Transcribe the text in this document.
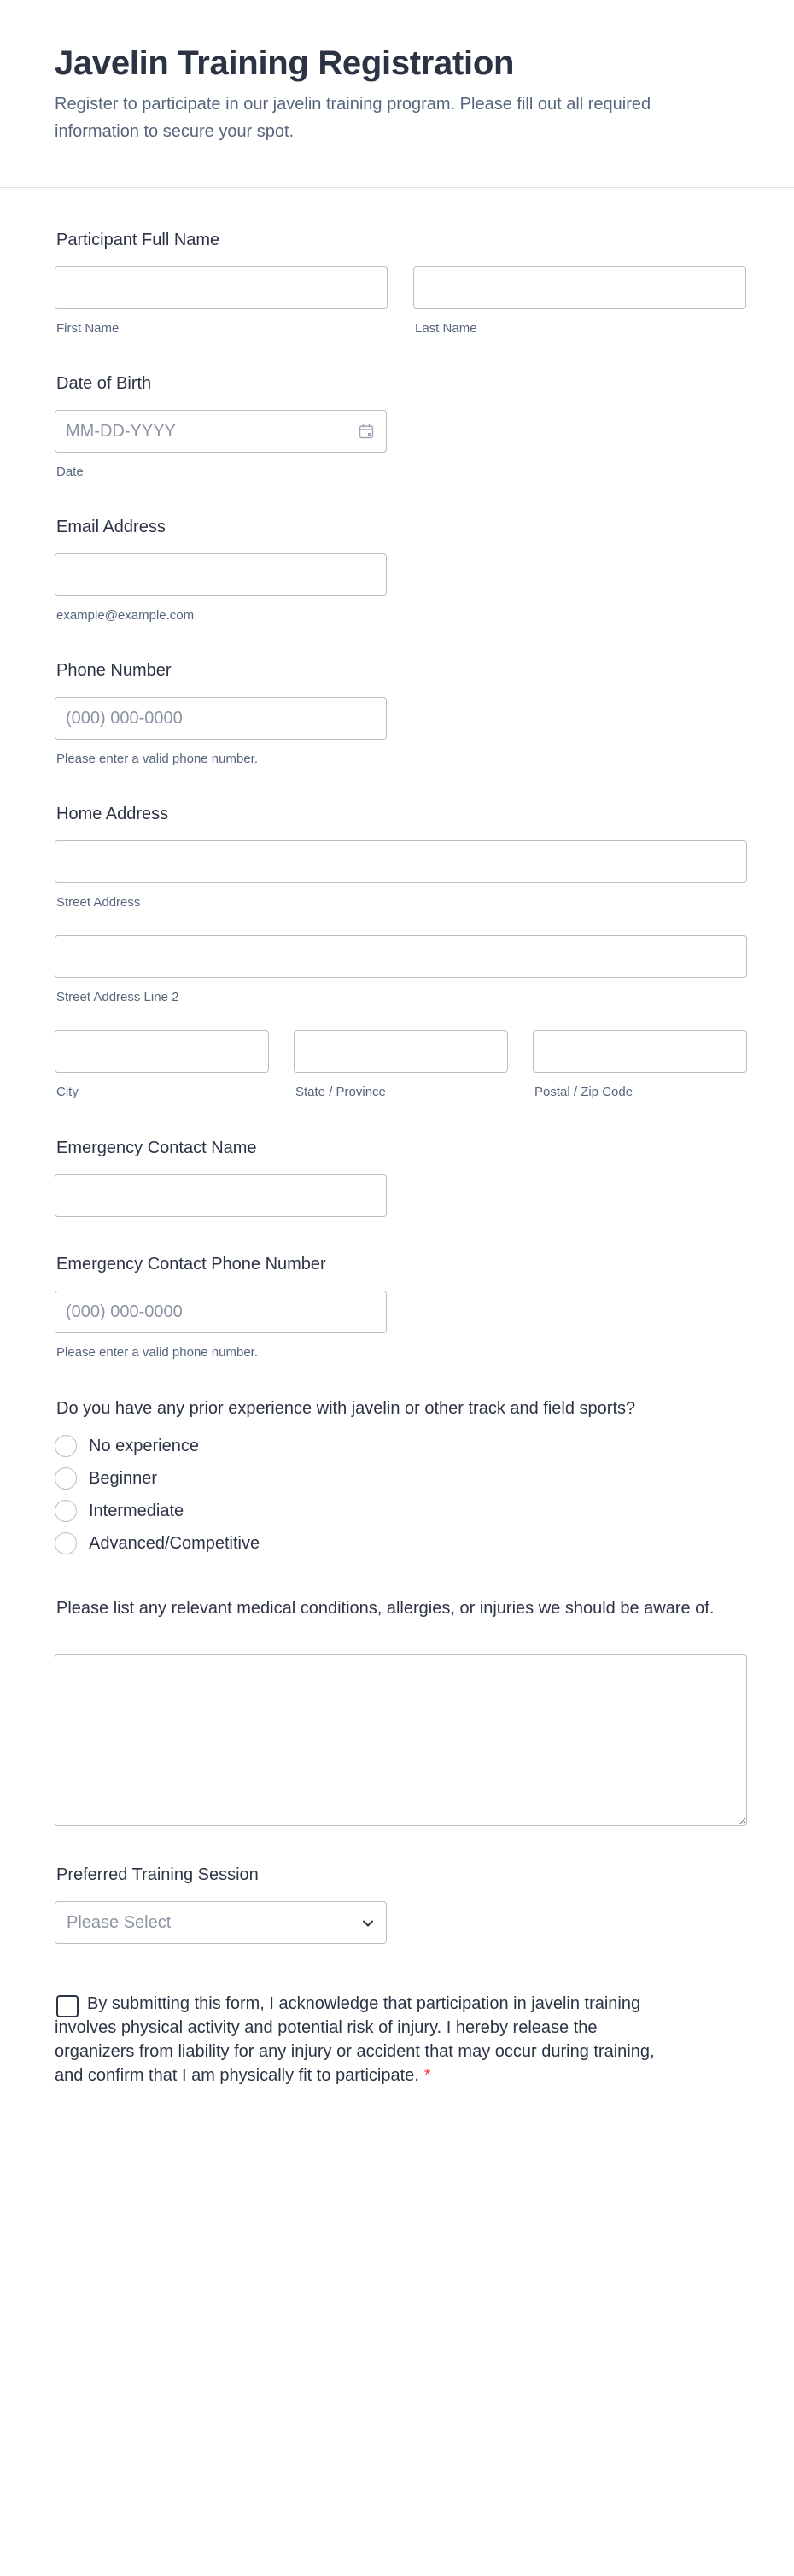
Javelin Training Registration

Register to participate in our javelin training program. Please fill out all required information to secure your spot.

Participant Full Name
First Name	Last Name
Date of Birth
MM-DD-YYYY
Date
Email Address
example@example.com
Phone Number
(000) 000-0000
Please enter a valid phone number.
Home Address
Street Address
Street Address Line 2
City	State / Province	Postal / Zip Code
Emergency Contact Name
Emergency Contact Phone Number
(000) 000-0000
Please enter a valid phone number.
Do you have any prior experience with javelin or other track and field sports?
No experience
Beginner
Intermediate
Advanced/Competitive
Please list any relevant medical conditions, allergies, or injuries we should be aware of.
Preferred Training Session
Please Select

By submitting this form, I acknowledge that participation in javelin training involves physical activity and potential risk of injury. I hereby release the organizers from liability for any injury or accident that may occur during training, and confirm that I am physically fit to participate. *
